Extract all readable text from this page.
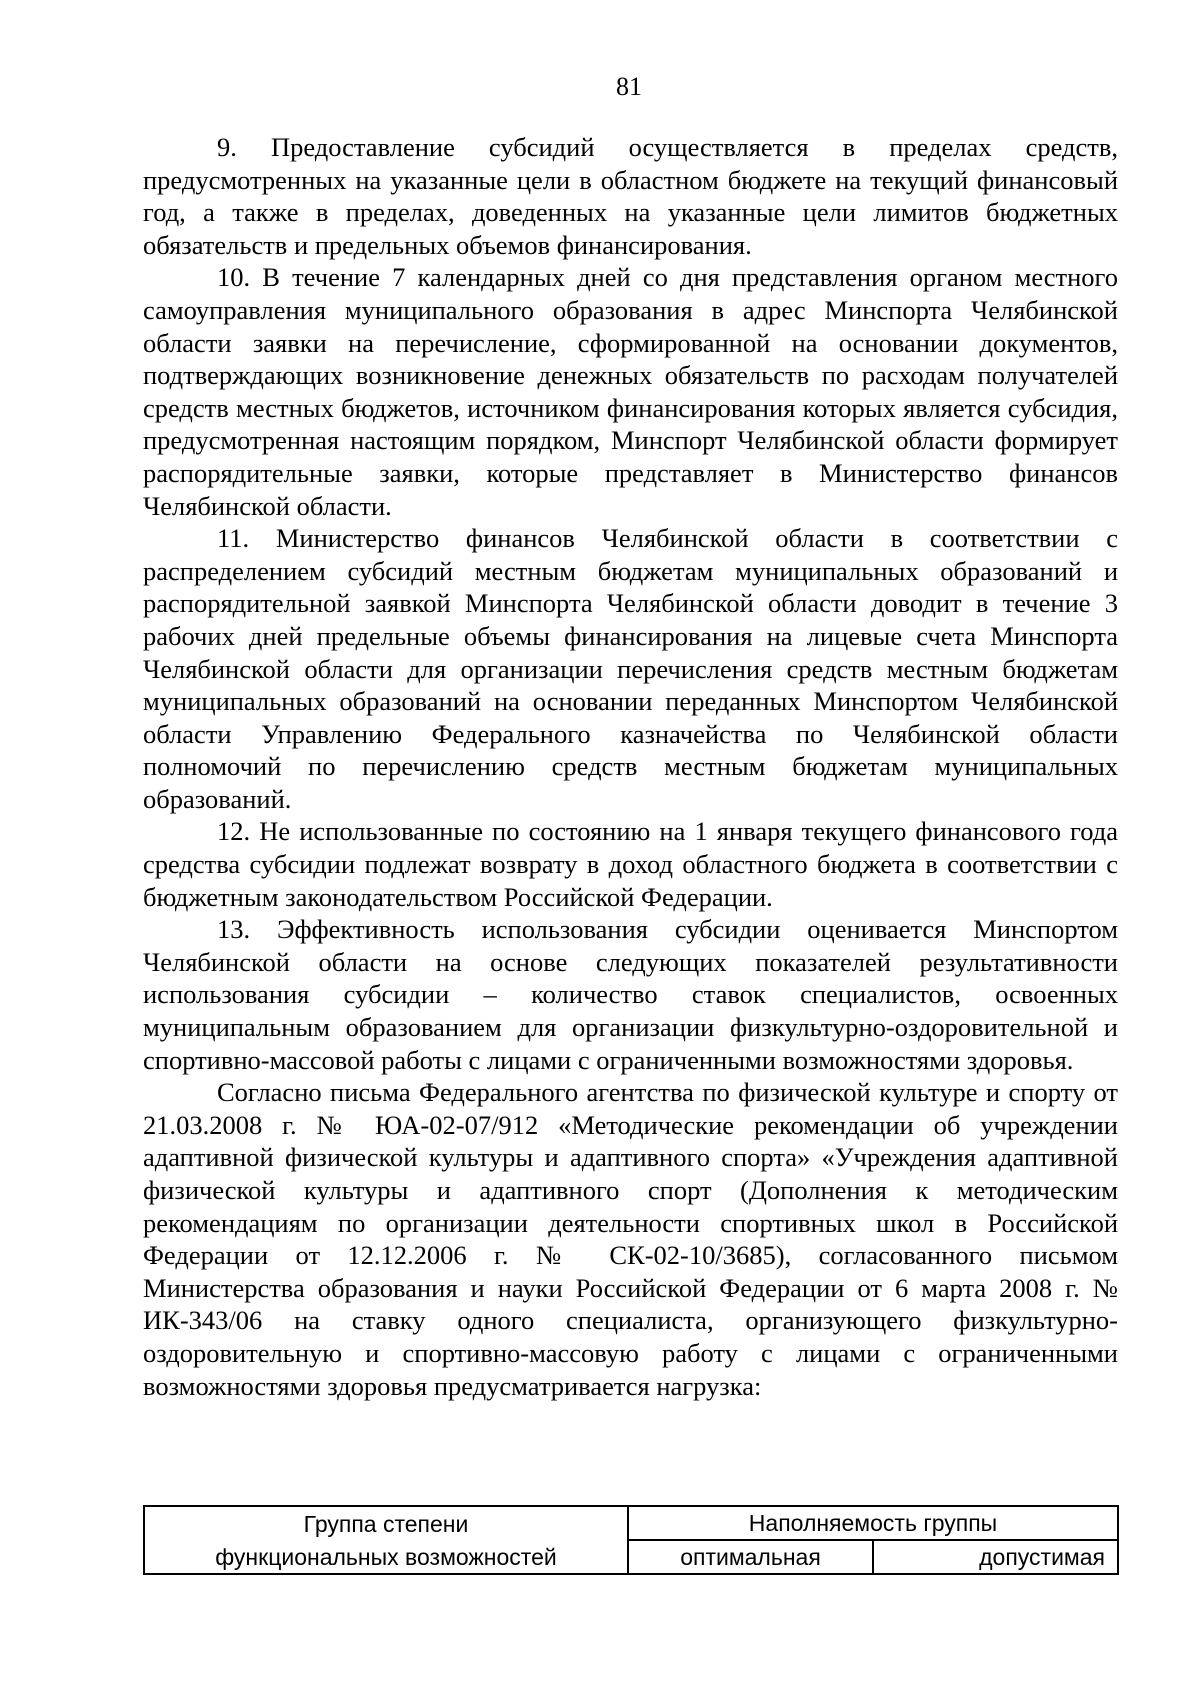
81

9. Предоставление субсидий осуществляется в пределах средств, предусмотренных на указанные цели в областном бюджете на текущий финансовый год, а также в пределах, доведенных на указанные цели лимитов бюджетных обязательств и предельных объемов финансирования.

10. В течение 7 календарных дней со дня представления органом местного самоуправления муниципального образования в адрес Минспорта Челябинской области заявки на перечисление, сформированной на основании документов, подтверждающих возникновение денежных обязательств по расходам получателей средств местных бюджетов, источником финансирования которых является субсидия, предусмотренная настоящим порядком, Минспорт Челябинской области формирует распорядительные заявки, которые представляет в Министерство финансов Челябинской области.

11. Министерство финансов Челябинской области в соответствии с распределением субсидий местным бюджетам муниципальных образований и распорядительной заявкой Минспорта Челябинской области доводит в течение 3 рабочих дней предельные объемы финансирования на лицевые счета Минспорта Челябинской области для организации перечисления средств местным бюджетам муниципальных образований на основании переданных Минспортом Челябинской области Управлению Федерального казначейства по Челябинской области полномочий по перечислению средств местным бюджетам муниципальных образований.

12. Не использованные по состоянию на 1 января текущего финансового года средства субсидии подлежат возврату в доход областного бюджета в соответствии с бюджетным законодательством Российской Федерации.

13. Эффективность использования субсидии оценивается Минспортом Челябинской области на основе следующих показателей результативности использования субсидии – количество ставок специалистов, освоенных муниципальным образованием для организации физкультурно-оздоровительной и спортивно-массовой работы с лицами с ограниченными возможностями здоровья.

Согласно письма Федерального агентства по физической культуре и спорту от 21.03.2008 г. № ЮА-02-07/912 «Методические рекомендации об учреждении адаптивной физической культуры и адаптивного спорта» «Учреждения адаптивной физической культуры и адаптивного спорт (Дополнения к методическим рекомендациям по организации деятельности спортивных школ в Российской Федерации от 12.12.2006 г. № СК-02-10/3685), согласованного письмом Министерства образования и науки Российской Федерации от 6 марта 2008 г. № ИК-343/06 на ставку одного специалиста, организующего физкультурно-оздоровительную и спортивно-массовую работу с лицами с ограниченными возможностями здоровья предусматривается нагрузка:

Группа степени	Наполняемость группы	
функциональных возможностей	оптимальная	допустимая
